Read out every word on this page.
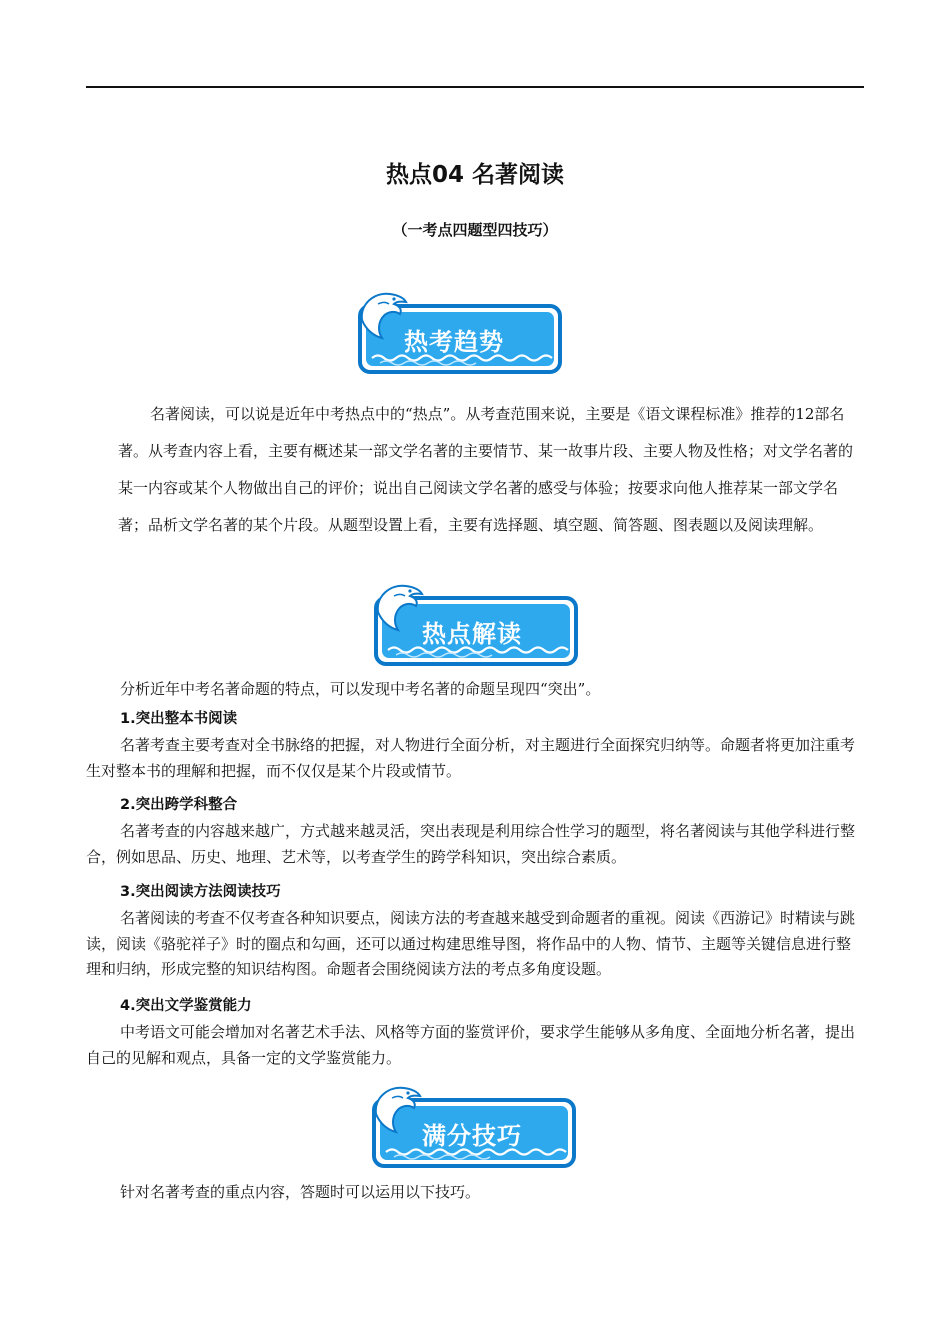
热点04 名著阅读
（一考点四题型四技巧）
热考趋势

名著阅读，可以说是近年中考热点中的“热点”。从考查范围来说，主要是《语文课程标准》推荐的12部名著。从考查内容上看，主要有概述某一部文学名著的主要情节、某一故事片段、主要人物及性格；对文学名著的某一内容或某个人物做出自己的评价；说出自己阅读文学名著的感受与体验；按要求向他人推荐某一部文学名著；品析文学名著的某个片段。从题型设置上看，主要有选择题、填空题、简答题、图表题以及阅读理解。

热点解读
分析近年中考名著命题的特点，可以发现中考名著的命题呈现四“突出”。
1.突出整本书阅读

名著考查主要考查对全书脉络的把握，对人物进行全面分析，对主题进行全面探究归纳等。命题者将更加注重考生对整本书的理解和把握，而不仅仅是某个片段或情节。

2.突出跨学科整合

名著考查的内容越来越广，方式越来越灵活，突出表现是利用综合性学习的题型，将名著阅读与其他学科进行整合，例如思品、历史、地理、艺术等，以考查学生的跨学科知识，突出综合素质。

3.突出阅读方法阅读技巧

名著阅读的考查不仅考查各种知识要点，阅读方法的考查越来越受到命题者的重视。阅读《西游记》时精读与跳读，阅读《骆驼祥子》时的圈点和勾画，还可以通过构建思维导图，将作品中的人物、情节、主题等关键信息进行整理和归纳，形成完整的知识结构图。命题者会围绕阅读方法的考点多角度设题。

4.突出文学鉴赏能力

中考语文可能会增加对名著艺术手法、风格等方面的鉴赏评价，要求学生能够从多角度、全面地分析名著，提出自己的见解和观点，具备一定的文学鉴赏能力。

满分技巧
针对名著考查的重点内容，答题时可以运用以下技巧。
